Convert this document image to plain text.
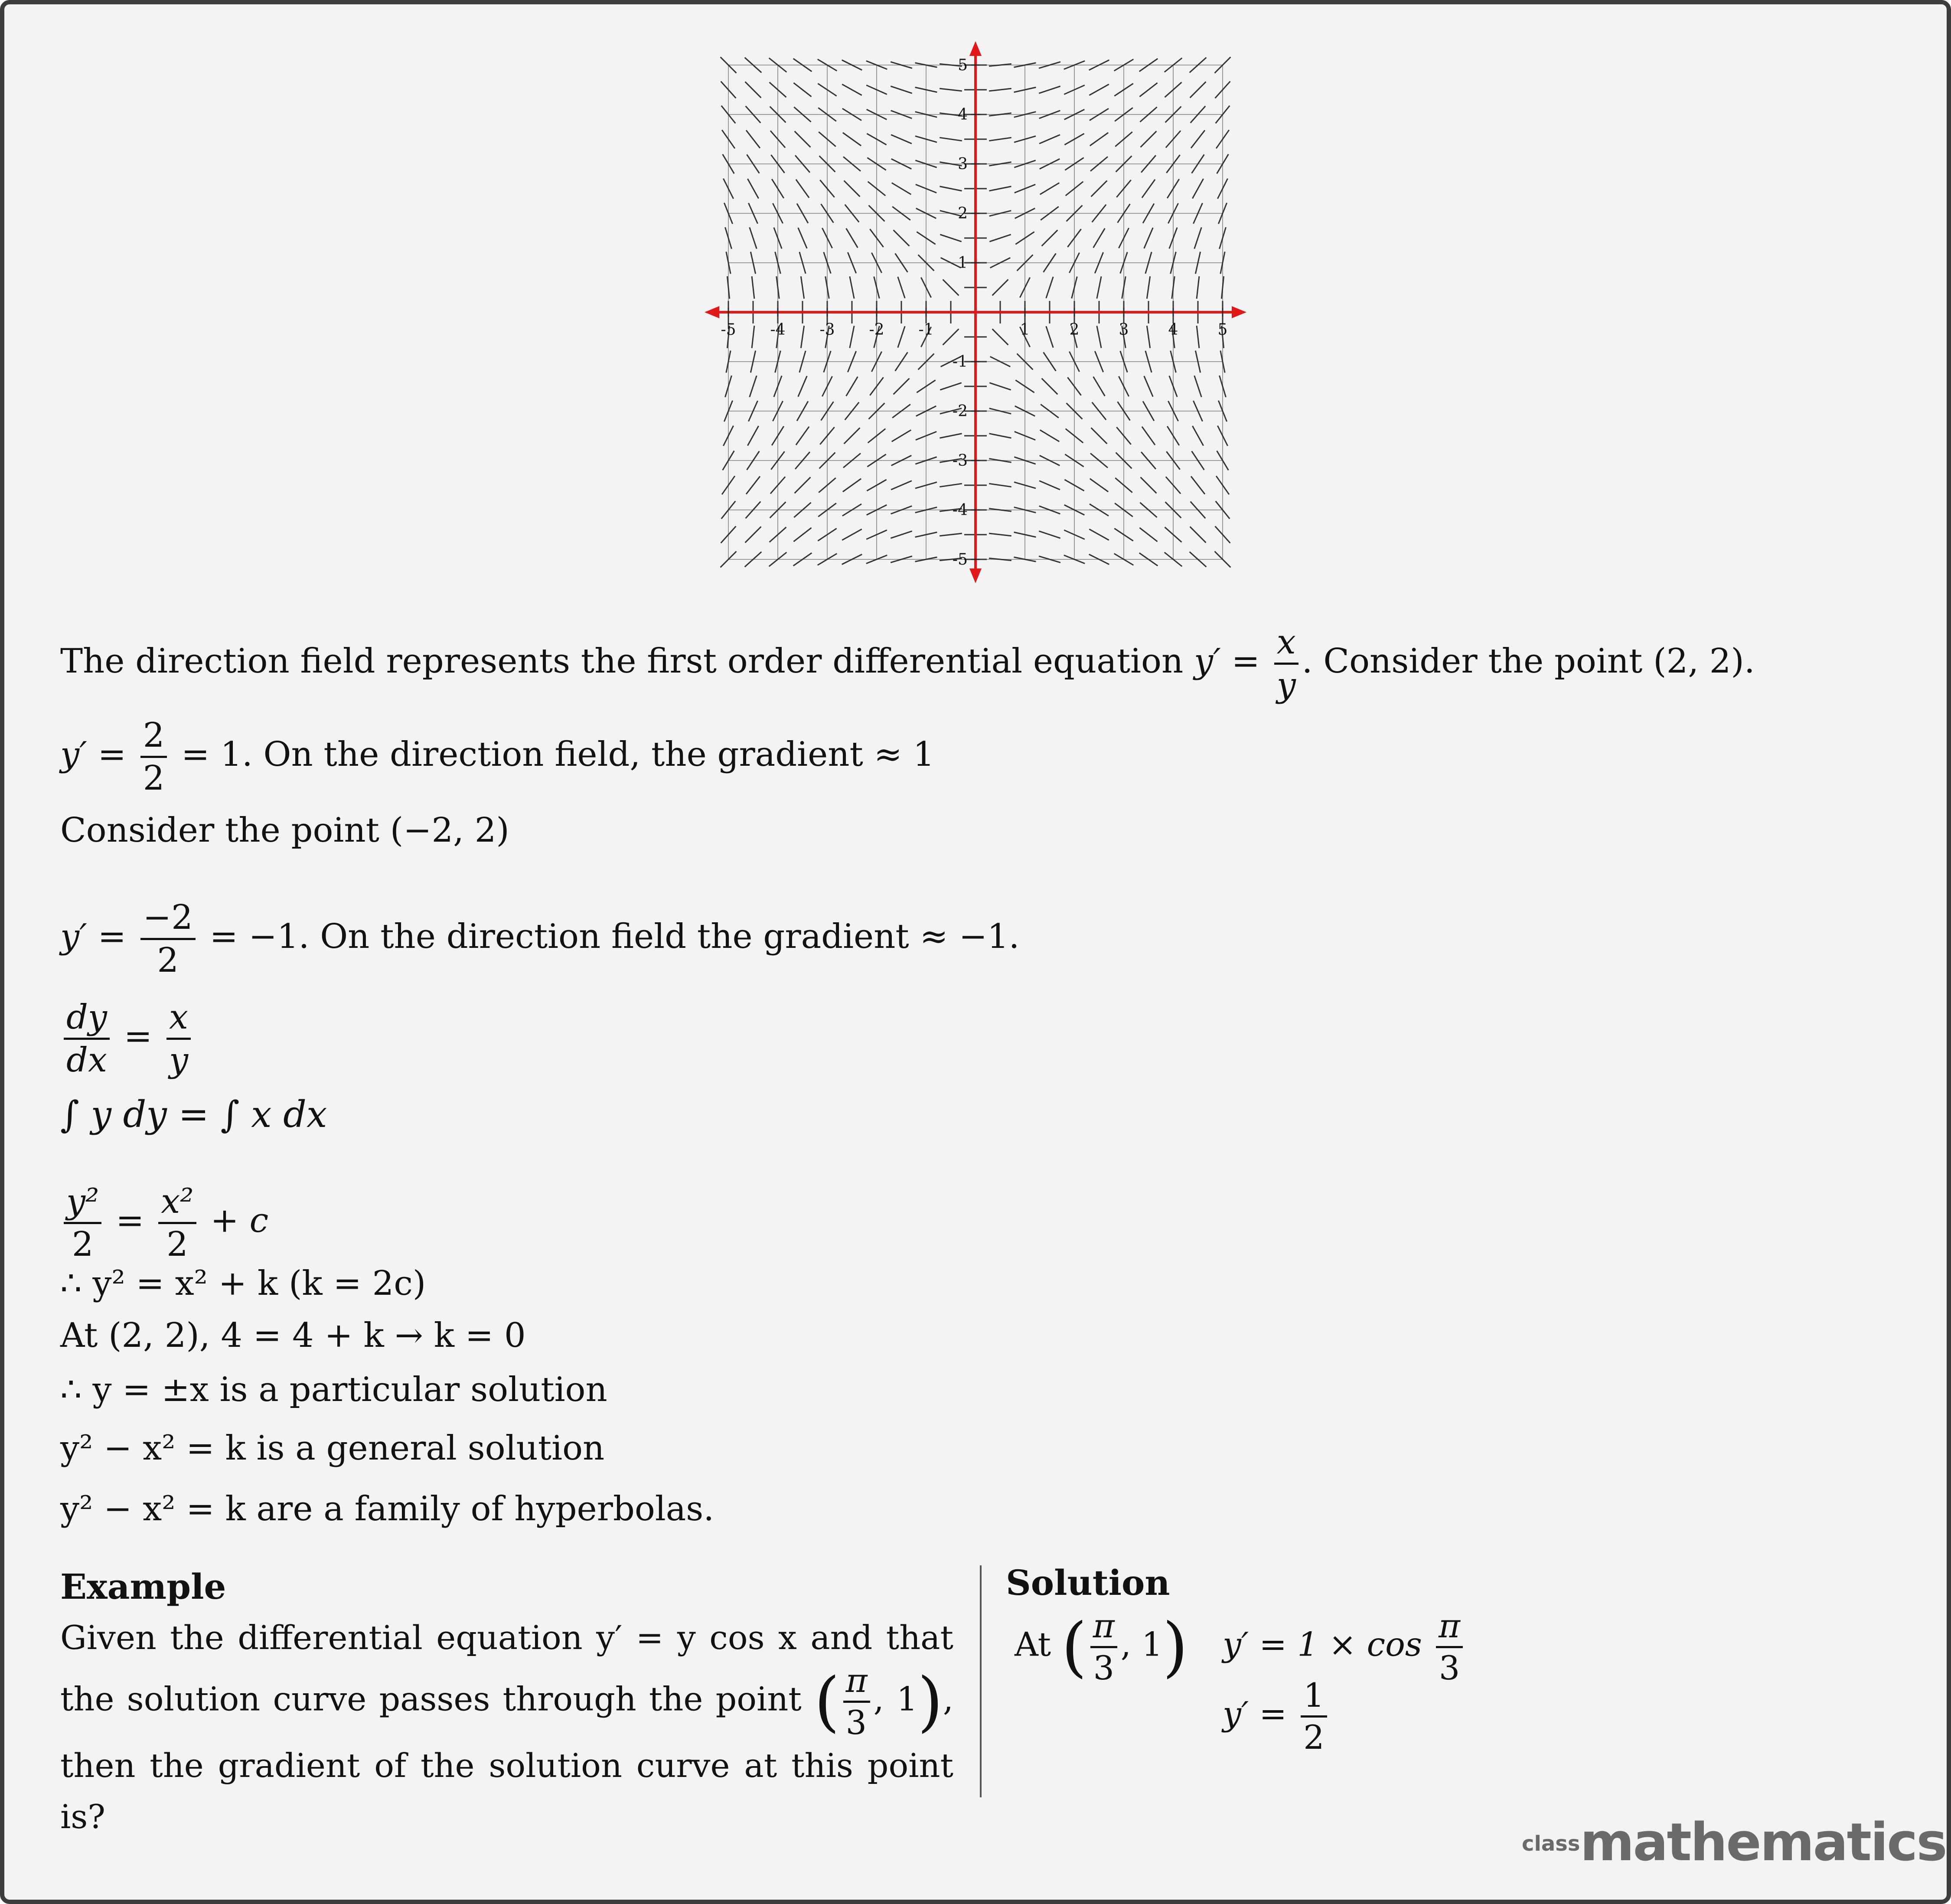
-5 -4 -3 -2 -1	1	2	3	4	5
5
4
3
2
1
-1
-2
-3
-4
-5
The direction field represents the first order differential equation $y' = \frac{x}{y}$ . Consider the point (2, 2).
$y' = \frac{2}{2} = 1$. On the direction field, the gradient ≈ 1
Consider the point (−2, 2)
$y' = \frac{-2}{2} = -1$. On the direction field the gradient ≈ −1.
$\frac{dy}{dx} = \frac{x}{y}$
∫ y dy = ∫ x dx
$\frac{\text{y²}}{2} = \frac{\text{x²}}{2} + c$
∴ y² = x² + k (k = 2c)
At (2, 2), 4 = 4 + k → k = 0
∴ y = ±x is a particular solution
y² − x² = k is a general solution
y² − x² = k are a family of hyperbolas.
Example
Given the differential equation y′ = y cos x and that the solution curve passes through the point ( $\frac{\pi}{3}$ , 1), then the gradient of the solution curve at this point is?
Solution
At ( $\frac{\pi}{3}$ , 1) $y' = 1 \times \cos \frac{\pi}{3}$
$y' = \frac{1}{2}$
classmathematics
